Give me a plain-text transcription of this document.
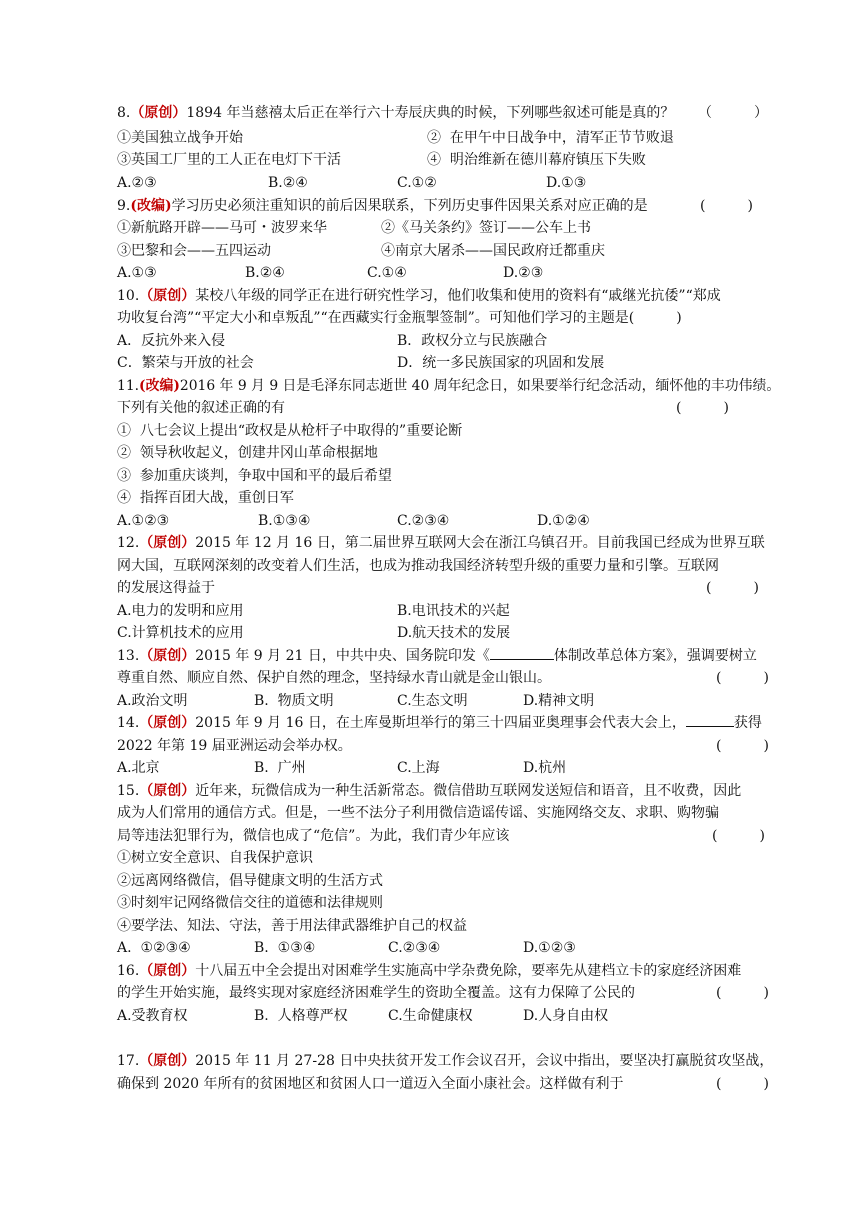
8.（原创）1894 年当慈禧太后正在举行六十寿辰庆典的时候，下列哪些叙述可能是真的？ （　　　）
①美国独立战争开始	②  在甲午中日战争中，清军正节节败退
③英国工厂里的工人正在电灯下干活	④  明治维新在德川幕府镇压下失败
A.②③	B.②④	C.①②	D.①③
9.(改编)学习历史必须注重知识的前后因果联系，下列历史事件因果关系对应正确的是	(　　　)
①新航路开辟——马可・波罗来华	②《马关条约》签订——公车上书
③巴黎和会——五四运动	④南京大屠杀——国民政府迁都重庆
A.①③	B.②④	C.①④	D.②③
10.（原创）某校八年级的同学正在进行研究性学习，他们收集和使用的资料有“戚继光抗倭”“郑成
功收复台湾”“平定大小和卓叛乱”“在西藏实行金瓶掣签制”。可知他们学习的主题是(　　　)
A．反抗外来入侵	B．政权分立与民族融合
C．繁荣与开放的社会	D．统一多民族国家的巩固和发展
11.(改编)2016 年 9 月 9 日是毛泽东同志逝世 40 周年纪念日，如果要举行纪念活动，缅怀他的丰功伟绩。
下列有关他的叙述正确的有	(　　　)
①  八七会议上提出“政权是从枪杆子中取得的”重要论断
②  领导秋收起义，创建井冈山革命根据地
③  参加重庆谈判，争取中国和平的最后希望
④  指挥百团大战，重创日军
A.①②③	B.①③④	C.②③④	D.①②④
12.（原创）2015 年 12 月 16 日，第二届世界互联网大会在浙江乌镇召开。目前我国已经成为世界互联
网大国，互联网深刻的改变着人们生活，也成为推动我国经济转型升级的重要力量和引擎。互联网
的发展这得益于	(　　　)
A.电力的发明和应用	B.电讯技术的兴起
C.计算机技术的应用	D.航天技术的发展
13.（原创）2015 年 9 月 21 日，中共中央、国务院印发《	体制改革总体方案》，强调要树立
尊重自然、顺应自然、保护自然的理念，坚持绿水青山就是金山银山。	(　　　)
A.政治文明	B.  物质文明	C.生态文明	D.精神文明
14.（原创）2015 年 9 月 16 日，在土库曼斯坦举行的第三十四届亚奥理事会代表大会上，	获得
2022 年第 19 届亚洲运动会举办权。	(　　　)
A.北京	B.  广州	C.上海	D.杭州
15.（原创）近年来，玩微信成为一种生活新常态。微信借助互联网发送短信和语音，且不收费，因此
成为人们常用的通信方式。但是，一些不法分子利用微信造谣传谣、实施网络交友、求职、购物骗
局等违法犯罪行为，微信也成了“危信”。为此，我们青少年应该	(　　　)
①树立安全意识、自我保护意识
②远离网络微信，倡导健康文明的生活方式
③时刻牢记网络微信交往的道德和法律规则
④要学法、知法、守法，善于用法律武器维护自己的权益
A.  ①②③④	B.  ①③④	C.②③④	D.①②③
16.（原创）十八届五中全会提出对困难学生实施高中学杂费免除，要率先从建档立卡的家庭经济困难
的学生开始实施，最终实现对家庭经济困难学生的资助全覆盖。这有力保障了公民的	(　　　)
A.受教育权	B.  人格尊严权	C.生命健康权	D.人身自由权
17.（原创）2015 年 11 月 27-28 日中央扶贫开发工作会议召开，会议中指出，要坚决打赢脱贫攻坚战，
确保到 2020 年所有的贫困地区和贫困人口一道迈入全面小康社会。这样做有利于	(　　　)
